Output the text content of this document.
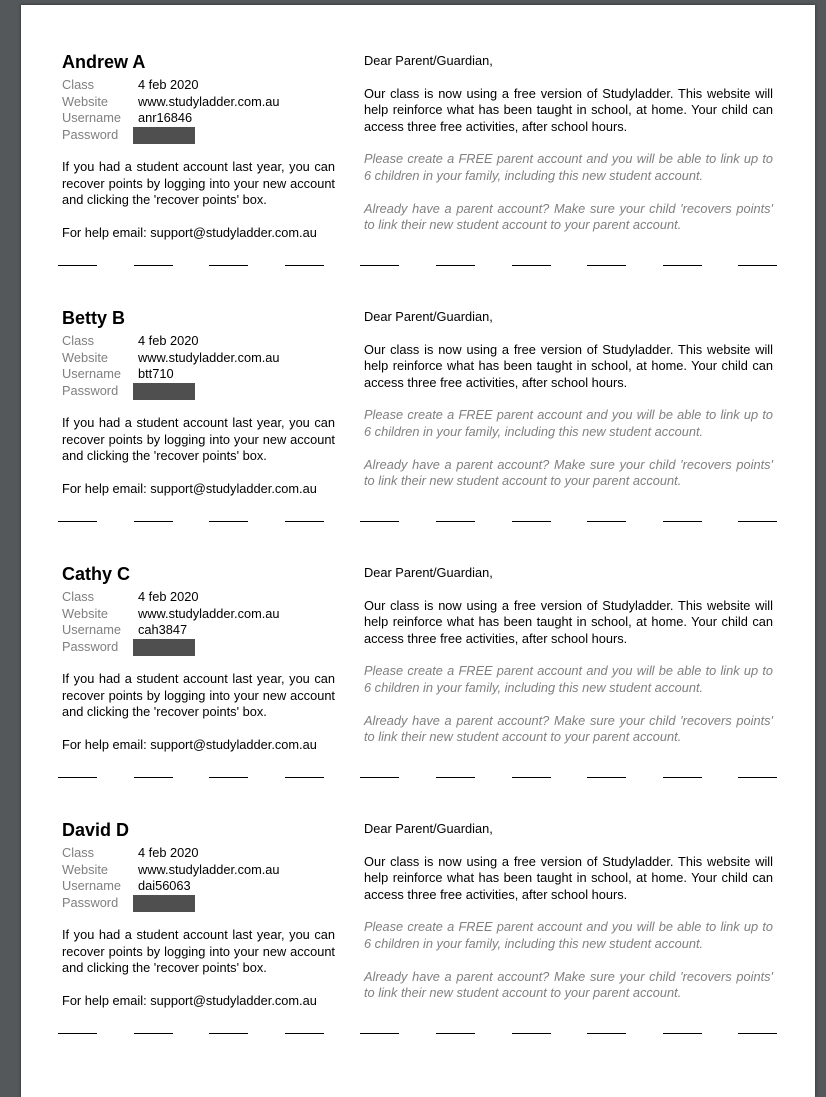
Andrew A
Class	4 feb 2020
Website www.studyladder.com.au
Username anr16846
Password
If you had a student account last year, you can recover points by logging into your new account and clicking the 'recover points' box.
For help email: support@studyladder.com.au

Dear Parent/Guardian,

Our class is now using a free version of Studyladder. This website will help reinforce what has been taught in school, at home. Your child can access three free activities, after school hours.

Please create a FREE parent account and you will be able to link up to 6 children in your family, including this new student account.

Already have a parent account? Make sure your child 'recovers points' to link their new student account to your parent account.

Betty B
Class	4 feb 2020
Website www.studyladder.com.au
Username btt710
Password
If you had a student account last year, you can recover points by logging into your new account and clicking the 'recover points' box.
For help email: support@studyladder.com.au

Dear Parent/Guardian,

Our class is now using a free version of Studyladder. This website will help reinforce what has been taught in school, at home. Your child can access three free activities, after school hours.

Please create a FREE parent account and you will be able to link up to 6 children in your family, including this new student account.

Already have a parent account? Make sure your child 'recovers points' to link their new student account to your parent account.

Cathy C
Class	4 feb 2020
Website www.studyladder.com.au
Username cah3847
Password
If you had a student account last year, you can recover points by logging into your new account and clicking the 'recover points' box.
For help email: support@studyladder.com.au

Dear Parent/Guardian,

Our class is now using a free version of Studyladder. This website will help reinforce what has been taught in school, at home. Your child can access three free activities, after school hours.

Please create a FREE parent account and you will be able to link up to 6 children in your family, including this new student account.

Already have a parent account? Make sure your child 'recovers points' to link their new student account to your parent account.

David D
Class	4 feb 2020
Website www.studyladder.com.au
Username dai56063
Password
If you had a student account last year, you can recover points by logging into your new account and clicking the 'recover points' box.
For help email: support@studyladder.com.au

Dear Parent/Guardian,

Our class is now using a free version of Studyladder. This website will help reinforce what has been taught in school, at home. Your child can access three free activities, after school hours.

Please create a FREE parent account and you will be able to link up to 6 children in your family, including this new student account.

Already have a parent account? Make sure your child 'recovers points' to link their new student account to your parent account.
